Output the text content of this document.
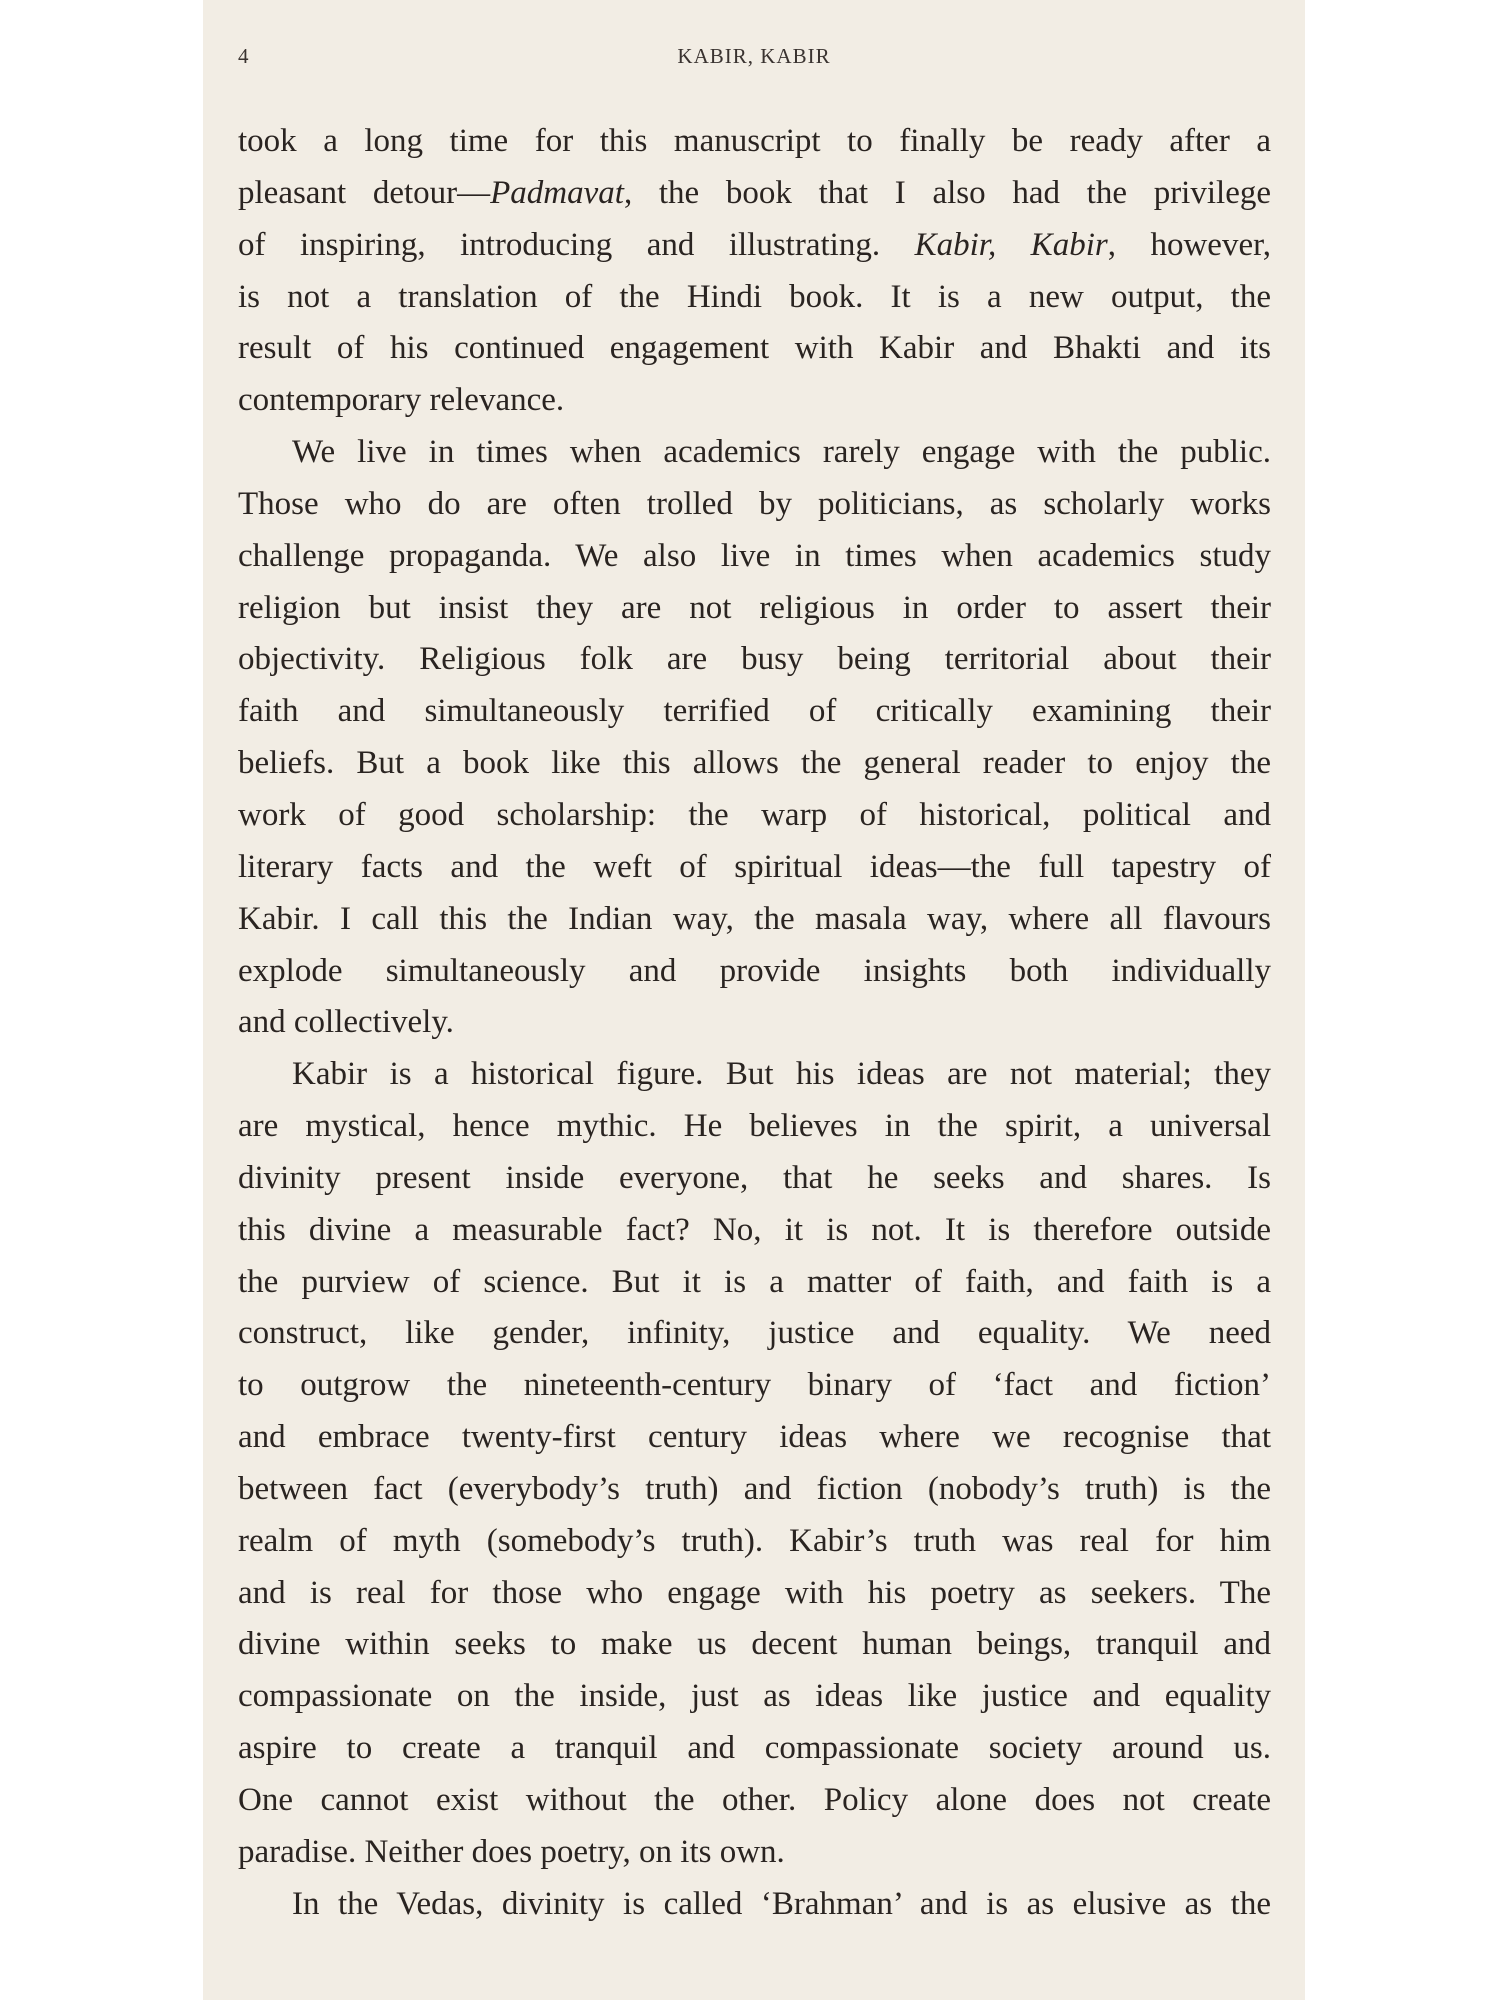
4	KABIR, KABIR
took a long time for this manuscript to finally be ready after a
pleasant detour—Padmavat, the book that I also had the privilege
of inspiring, introducing and illustrating. Kabir, Kabir, however,
is not a translation of the Hindi book. It is a new output, the
result of his continued engagement with Kabir and Bhakti and its
contemporary relevance.
We live in times when academics rarely engage with the public.
Those who do are often trolled by politicians, as scholarly works
challenge propaganda. We also live in times when academics study
religion but insist they are not religious in order to assert their
objectivity. Religious folk are busy being territorial about their
faith and simultaneously terrified of critically examining their
beliefs. But a book like this allows the general reader to enjoy the
work of good scholarship: the warp of historical, political and
literary facts and the weft of spiritual ideas—the full tapestry of
Kabir. I call this the Indian way, the masala way, where all flavours
explode simultaneously and provide insights both individually
and collectively.
Kabir is a historical figure. But his ideas are not material; they
are mystical, hence mythic. He believes in the spirit, a universal
divinity present inside everyone, that he seeks and shares. Is
this divine a measurable fact? No, it is not. It is therefore outside
the purview of science. But it is a matter of faith, and faith is a
construct, like gender, infinity, justice and equality. We need
to outgrow the nineteenth-century binary of ‘fact and fiction’
and embrace twenty-first century ideas where we recognise that
between fact (everybody’s truth) and fiction (nobody’s truth) is the
realm of myth (somebody’s truth). Kabir’s truth was real for him
and is real for those who engage with his poetry as seekers. The
divine within seeks to make us decent human beings, tranquil and
compassionate on the inside, just as ideas like justice and equality
aspire to create a tranquil and compassionate society around us.
One cannot exist without the other. Policy alone does not create
paradise. Neither does poetry, on its own.
In the Vedas, divinity is called ‘Brahman’ and is as elusive as the
